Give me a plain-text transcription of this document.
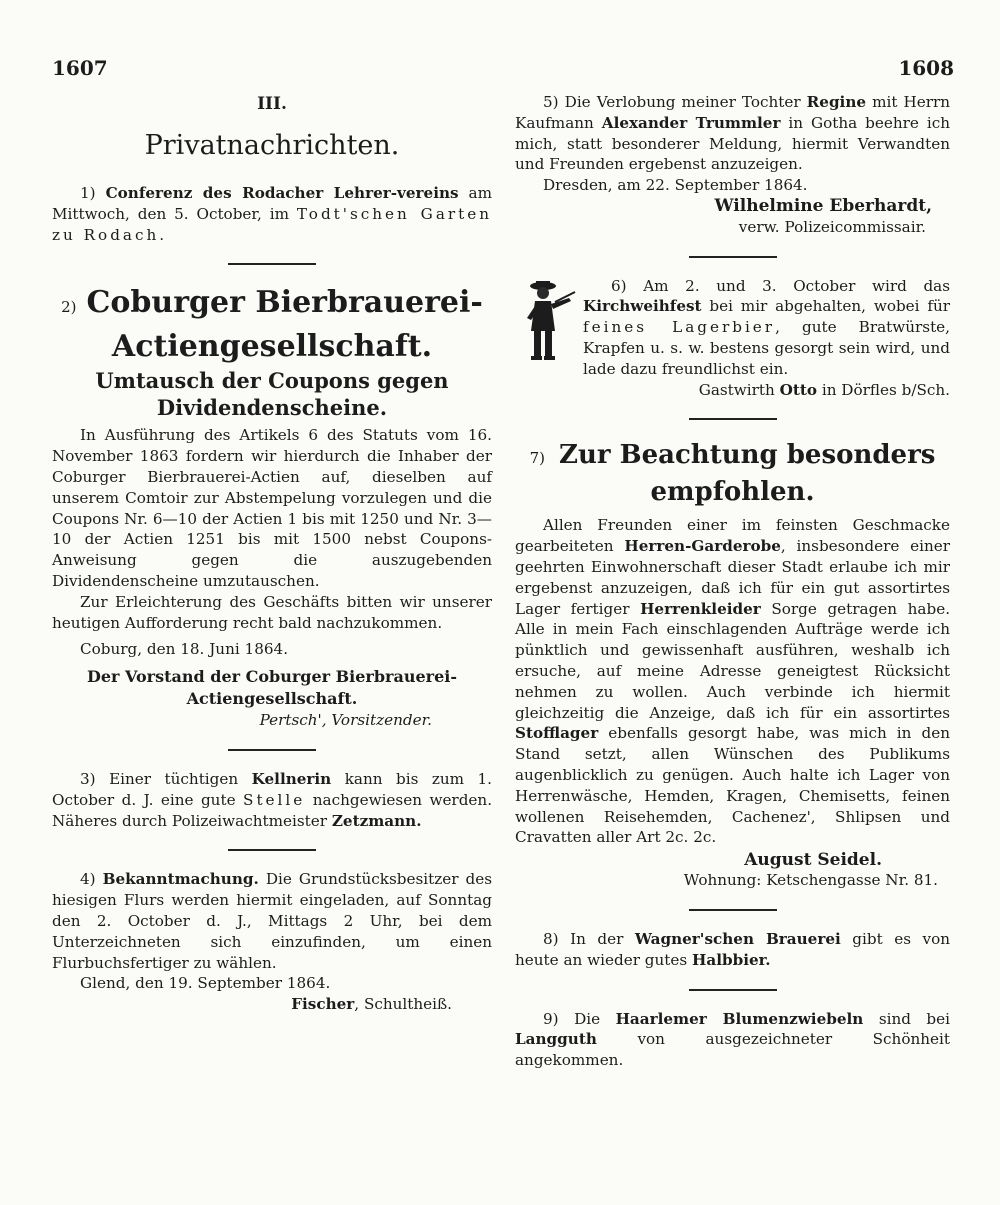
1607	1608
III.
Privatnachrichten.

1) Conferenz des Rodacher Lehrer-vereins am Mittwoch, den 5. October, im Todt'schen Garten zu Rodach.

2) Coburger Bierbrauerei-
Actiengesellschaft.
Umtausch der Coupons gegen
Dividendenscheine.

In Ausführung des Artikels 6 des Statuts vom 16. November 1863 fordern wir hierdurch die Inhaber der Coburger Bierbrauerei-Actien auf, dieselben auf unserem Comtoir zur Abstempelung vorzulegen und die Coupons Nr. 6—10 der Actien 1 bis mit 1250 und Nr. 3—10 der Actien 1251 bis mit 1500 nebst Coupons-Anweisung gegen die auszugebenden Dividendenscheine umzutauschen.

Zur Erleichterung des Geschäfts bitten wir unserer heutigen Aufforderung recht bald nachzukommen.

Coburg, den 18. Juni 1864.

Der Vorstand der Coburger Bierbrauerei-
Actiengesellschaft.

Pertsch', Vorsitzender.

3) Einer tüchtigen Kellnerin kann bis zum 1. October d. J. eine gute Stelle nachgewiesen werden. Näheres durch Polizeiwachtmeister Zetzmann.

4) Bekanntmachung. Die Grundstücksbesitzer des hiesigen Flurs werden hiermit eingeladen, auf Sonntag den 2. October d. J., Mittags 2 Uhr, bei dem Unterzeichneten sich einzufinden, um einen Flurbuchsfertiger zu wählen.

Glend, den 19. September 1864.

Fischer, Schultheiß.

5) Die Verlobung meiner Tochter Regine mit Herrn Kaufmann Alexander Trummler in Gotha beehre ich mich, statt besonderer Meldung, hiermit Verwandten und Freunden ergebenst anzuzeigen.

Dresden, am 22. September 1864.

Wilhelmine Eberhardt,

verw. Polizeicommissair.

6) Am 2. und 3. October wird das Kirchweihfest bei mir abgehalten, wobei für feines Lagerbier, gute Bratwürste, Krapfen u. s. w. bestens gesorgt sein wird, und lade dazu freundlichst ein.

Gastwirth Otto in Dörfles b/Sch.

7) Zur Beachtung besonders
empfohlen.

Allen Freunden einer im feinsten Geschmacke gearbeiteten Herren-Garderobe, insbesondere einer geehrten Einwohnerschaft dieser Stadt erlaube ich mir ergebenst anzuzeigen, daß ich für ein gut assortirtes Lager fertiger Herrenkleider Sorge getragen habe. Alle in mein Fach einschlagenden Aufträge werde ich pünktlich und gewissenhaft ausführen, weshalb ich ersuche, auf meine Adresse geneigtest Rücksicht nehmen zu wollen. Auch verbinde ich hiermit gleichzeitig die Anzeige, daß ich für ein assortirtes Stofflager ebenfalls gesorgt habe, was mich in den Stand setzt, allen Wünschen des Publikums augenblicklich zu genügen. Auch halte ich Lager von Herrenwäsche, Hemden, Kragen, Chemisetts, feinen wollenen Reisehemden, Cachenez', Shlipsen und Cravatten aller Art 2c. 2c.

August Seidel.

Wohnung: Ketschengasse Nr. 81.

8) In der Wagner'schen Brauerei gibt es von heute an wieder gutes Halbbier.

9) Die Haarlemer Blumenzwiebeln sind bei Langguth	von ausgezeichneter Schönheit angekommen.
